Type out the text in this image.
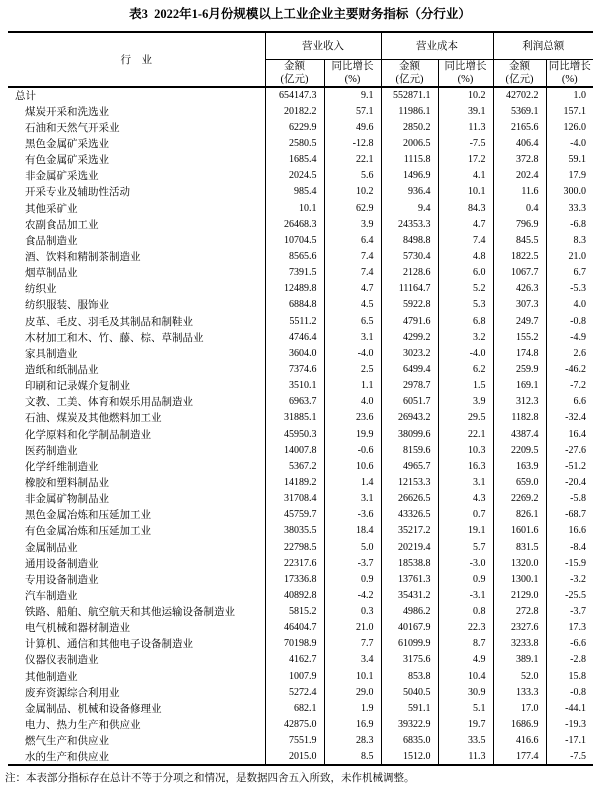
表3  2022年1-6月份规模以上工业企业主要财务指标（分行业）
行　业	营业收入		营业成本		利润总额	

	金额
(亿元)	同比增长
(%)	金额
(亿元)	同比增长
(%)	金额
(亿元)	同比增长
(%)

总计	654147.3	9.1	552871.1	10.2	42702.2	1.0
煤炭开采和洗选业	20182.2	57.1	11986.1	39.1	5369.1	157.1
石油和天然气开采业	6229.9	49.6	2850.2	11.3	2165.6	126.0
黑色金属矿采选业	2580.5	-12.8	2006.5	-7.5	406.4	-4.0
有色金属矿采选业	1685.4	22.1	1115.8	17.2	372.8	59.1
非金属矿采选业	2024.5	5.6	1496.9	4.1	202.4	17.9
开采专业及辅助性活动	985.4	10.2	936.4	10.1	11.6	300.0
其他采矿业	10.1	62.9	9.4	84.3	0.4	33.3
农副食品加工业	26468.3	3.9	24353.3	4.7	796.9	-6.8
食品制造业	10704.5	6.4	8498.8	7.4	845.5	8.3
酒、饮料和精制茶制造业	8565.6	7.4	5730.4	4.8	1822.5	21.0
烟草制品业	7391.5	7.4	2128.6	6.0	1067.7	6.7
纺织业	12489.8	4.7	11164.7	5.2	426.3	-5.3
纺织服装、服饰业	6884.8	4.5	5922.8	5.3	307.3	4.0
皮革、毛皮、羽毛及其制品和制鞋业	5511.2	6.5	4791.6	6.8	249.7	-0.8
木材加工和木、竹、藤、棕、草制品业	4746.4	3.1	4299.2	3.2	155.2	-4.9
家具制造业	3604.0	-4.0	3023.2	-4.0	174.8	2.6
造纸和纸制品业	7374.6	2.5	6499.4	6.2	259.9	-46.2
印刷和记录媒介复制业	3510.1	1.1	2978.7	1.5	169.1	-7.2
文教、工美、体育和娱乐用品制造业	6963.7	4.0	6051.7	3.9	312.3	6.6
石油、煤炭及其他燃料加工业	31885.1	23.6	26943.2	29.5	1182.8	-32.4
化学原料和化学制品制造业	45950.3	19.9	38099.6	22.1	4387.4	16.4
医药制造业	14007.8	-0.6	8159.6	10.3	2209.5	-27.6
化学纤维制造业	5367.2	10.6	4965.7	16.3	163.9	-51.2
橡胶和塑料制品业	14189.2	1.4	12153.3	3.1	659.0	-20.4
非金属矿物制品业	31708.4	3.1	26626.5	4.3	2269.2	-5.8
黑色金属冶炼和压延加工业	45759.7	-3.6	43326.5	0.7	826.1	-68.7
有色金属冶炼和压延加工业	38035.5	18.4	35217.2	19.1	1601.6	16.6
金属制品业	22798.5	5.0	20219.4	5.7	831.5	-8.4
通用设备制造业	22317.6	-3.7	18538.8	-3.0	1320.0	-15.9
专用设备制造业	17336.8	0.9	13761.3	0.9	1300.1	-3.2
汽车制造业	40892.8	-4.2	35431.2	-3.1	2129.0	-25.5
铁路、船舶、航空航天和其他运输设备制造业	5815.2	0.3	4986.2	0.8	272.8	-3.7
电气机械和器材制造业	46404.7	21.0	40167.9	22.3	2327.6	17.3
计算机、通信和其他电子设备制造业	70198.9	7.7	61099.9	8.7	3233.8	-6.6
仪器仪表制造业	4162.7	3.4	3175.6	4.9	389.1	-2.8
其他制造业	1007.9	10.1	853.8	10.4	52.0	15.8
废弃资源综合利用业	5272.4	29.0	5040.5	30.9	133.3	-0.8
金属制品、机械和设备修理业	682.1	1.9	591.1	5.1	17.0	-44.1
电力、热力生产和供应业	42875.0	16.9	39322.9	19.7	1686.9	-19.3
燃气生产和供应业	7551.9	28.3	6835.0	33.5	416.6	-17.1
水的生产和供应业	2015.0	8.5	1512.0	11.3	177.4	-7.5
注：本表部分指标存在总计不等于分项之和情况，是数据四舍五入所致，未作机械调整。
